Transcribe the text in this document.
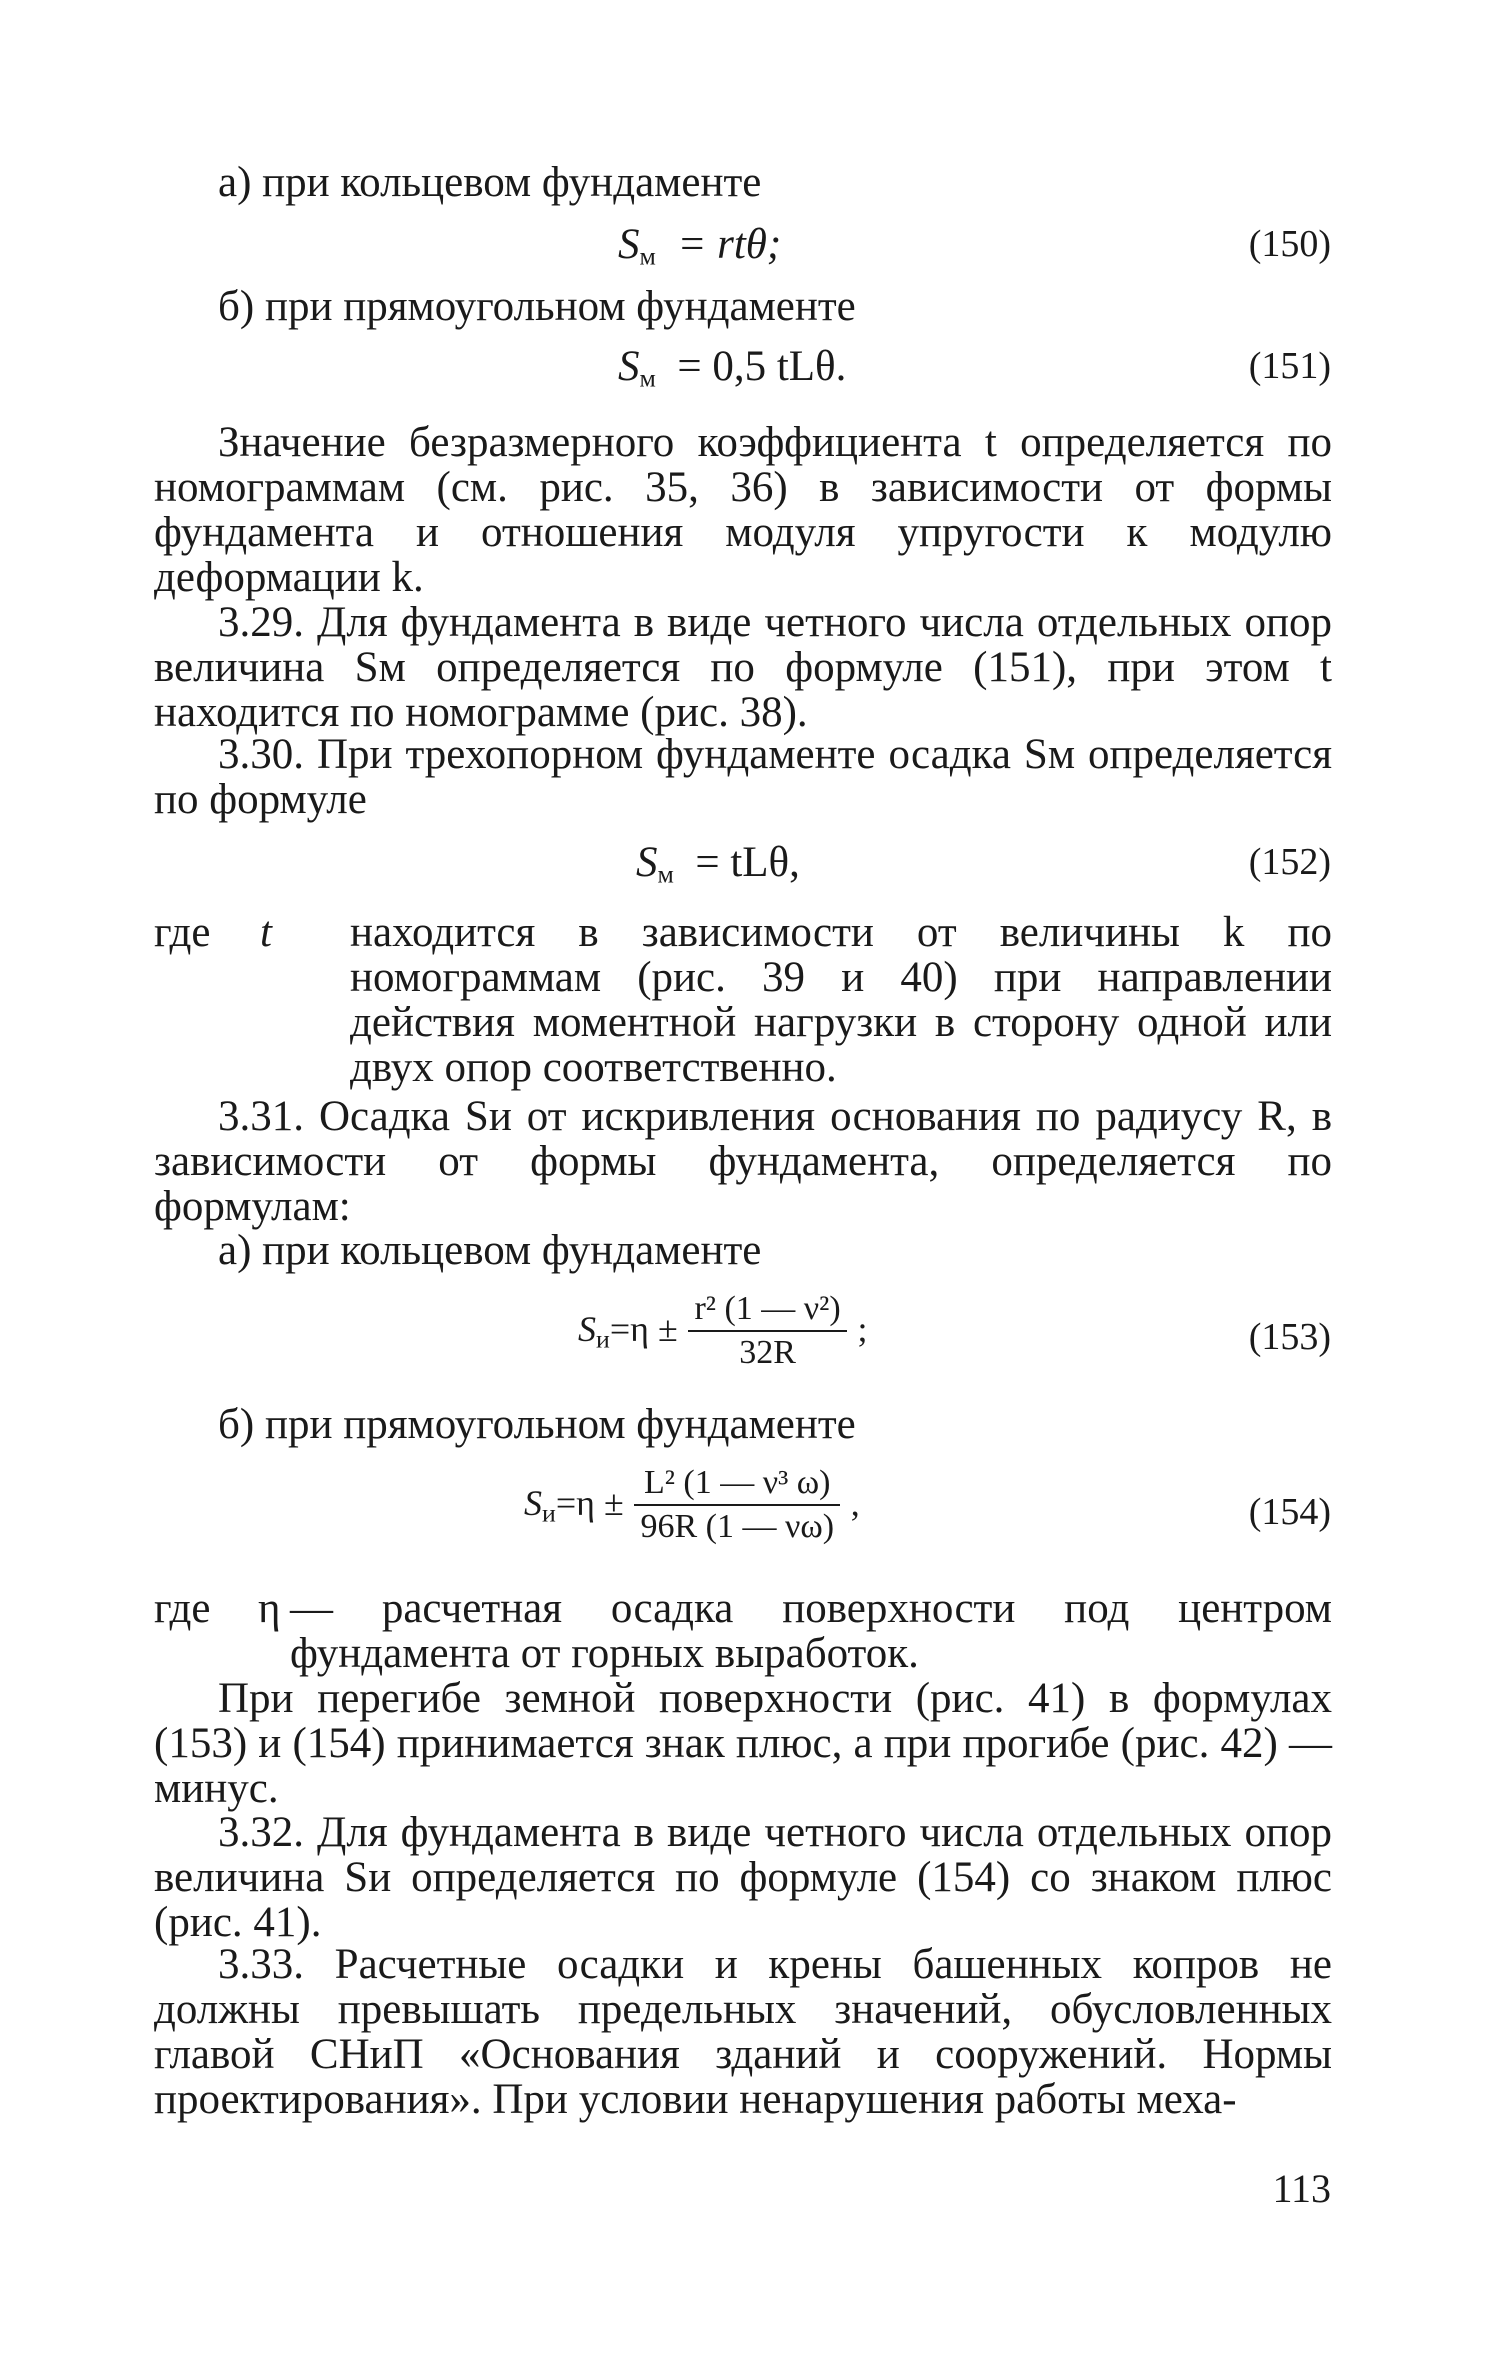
а) при кольцевом фундаменте

$S_м = rt\theta$;	(150)

б) при прямоугольном фундаменте

$S_м = 0,5$ tLθ.	(151)

Значение безразмерного коэффициента t определяется по номограммам (см. рис. 35, 36) в зависимости от формы фундамента и отношения модуля упругости к модулю деформации k.

3.29. Для фундамента в виде четного числа отдельных опор величина Sм определяется по формуле (151), при этом t находится по номограмме (рис. 38).

3.30. При трехопорном фундаменте осадка Sм определяется по формуле

$S_м = tL\theta$,	(152)
где t находится в зависимости от величины k по номограммам (рис. 39 и 40) при направлении действия моментной нагрузки в сторону одной или двух опор соответственно.

3.31. Осадка Sи от искривления основания по радиусу R, в зависимости от формы фундамента, определяется по формулам:

а) при кольцевом фундаменте

$S_и=\eta \pm \frac{\text{r² (1 — ν²)}}{32R}$ ;	(153)

б) при прямоугольном фундаменте

$S_и=\eta \pm \frac{\text{L² (1 — ν³ ω)}}{96R (1 — \nu\omega)}$ ,	(154)
где η — расчетная осадка поверхности под центром фундамента от горных выработок.

При перегибе земной поверхности (рис. 41) в формулах (153) и (154) принимается знак плюс, а при прогибе (рис. 42) — минус.

3.32. Для фундамента в виде четного числа отдельных опор величина Sи определяется по формуле (154) со знаком плюс (рис. 41).

3.33. Расчетные осадки и крены башенных копров не должны превышать предельных значений, обусловленных главой СНиП «Основания зданий и сооружений. Нормы проектирования». При условии ненарушения работы меха-

113
